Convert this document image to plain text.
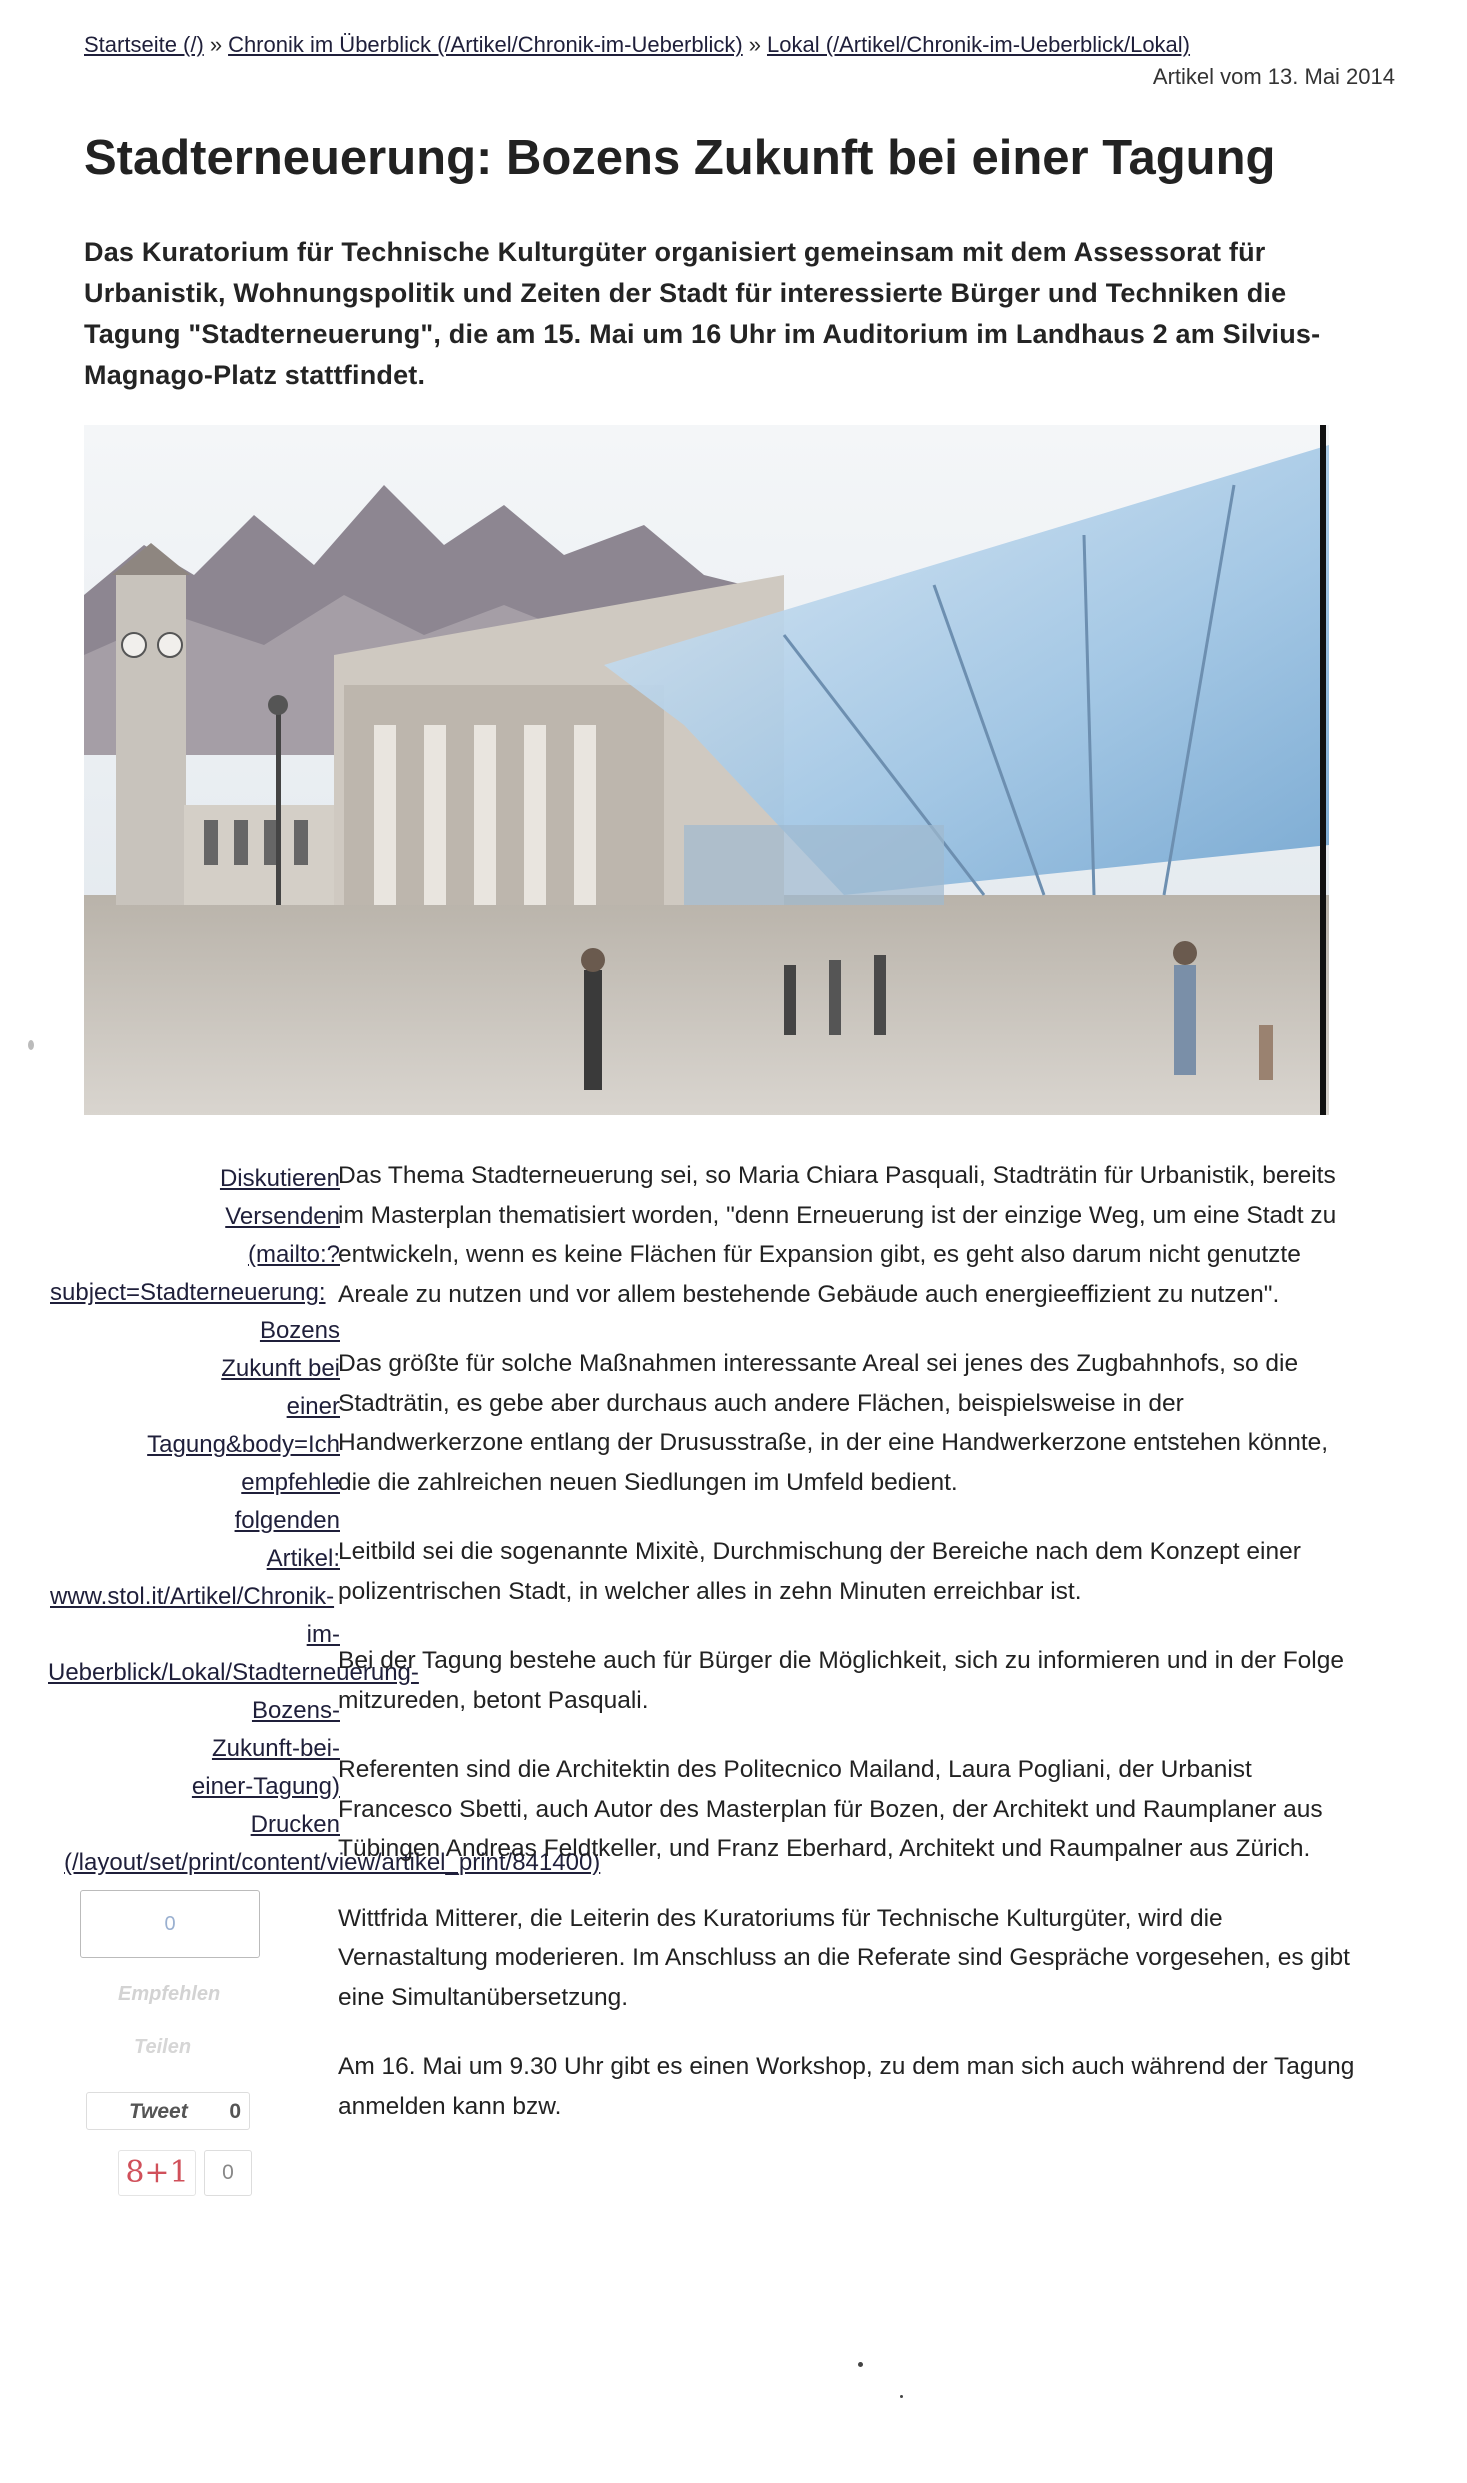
Startseite (/) » Chronik im Überblick (/Artikel/Chronik-im-Ueberblick) » Lokal (/Artikel/Chronik-im-Ueberblick/Lokal)
Artikel vom 13. Mai 2014
Stadterneuerung: Bozens Zukunft bei einer Tagung

Das Kuratorium für Technische Kulturgüter organisiert gemeinsam mit dem Assessorat für Urbanistik, Wohnungspolitik und Zeiten der Stadt für interessierte Bürger und Techniken die Tagung "Stadterneuerung", die am 15. Mai um 16 Uhr im Auditorium im Landhaus 2 am Silvius-Magnago-Platz stattfindet.

Diskutieren
Versenden
(mailto:?
subject=Stadterneuerung:
Bozens
Zukunft bei
einer
Tagung&body=Ich
empfehle
folgenden
Artikel:
www.stol.it/Artikel/Chronik-
im-
Ueberblick/Lokal/Stadterneuerung-
Bozens-
Zukunft-bei-
einer-Tagung)
Drucken
(/layout/set/print/content/view/artikel_print/841400)
0
Empfehlen
Teilen
Tweet 0
8+1	0

Das Thema Stadterneuerung sei, so Maria Chiara Pasquali, Stadträtin für Urbanistik, bereits im Masterplan thematisiert worden, "denn Erneuerung ist der einzige Weg, um eine Stadt zu entwickeln, wenn es keine Flächen für Expansion gibt, es geht also darum nicht genutzte Areale zu nutzen und vor allem bestehende Gebäude auch energieeffizient zu nutzen".

Das größte für solche Maßnahmen interessante Areal sei jenes des Zugbahnhofs, so die Stadträtin, es gebe aber durchaus auch andere Flächen, beispielsweise in der Handwerkerzone entlang der Drususstraße, in der eine Handwerkerzone entstehen könnte, die die zahlreichen neuen Siedlungen im Umfeld bedient.

Leitbild sei die sogenannte Mixitè, Durchmischung der Bereiche nach dem Konzept einer polizentrischen Stadt, in welcher alles in zehn Minuten erreichbar ist.

Bei der Tagung bestehe auch für Bürger die Möglichkeit, sich zu informieren und in der Folge mitzureden, betont Pasquali.

Referenten sind die Architektin des Politecnico Mailand, Laura Pogliani, der Urbanist Francesco Sbetti, auch Autor des Masterplan für Bozen, der Architekt und Raumplaner aus Tübingen Andreas Feldtkeller, und Franz Eberhard, Architekt und Raumpalner aus Zürich.

Wittfrida Mitterer, die Leiterin des Kuratoriums für Technische Kulturgüter, wird die Vernastaltung moderieren. Im Anschluss an die Referate sind Gespräche vorgesehen, es gibt eine Simultanübersetzung.

Am 16. Mai um 9.30 Uhr gibt es einen Workshop, zu dem man sich auch während der Tagung anmelden kann bzw.
